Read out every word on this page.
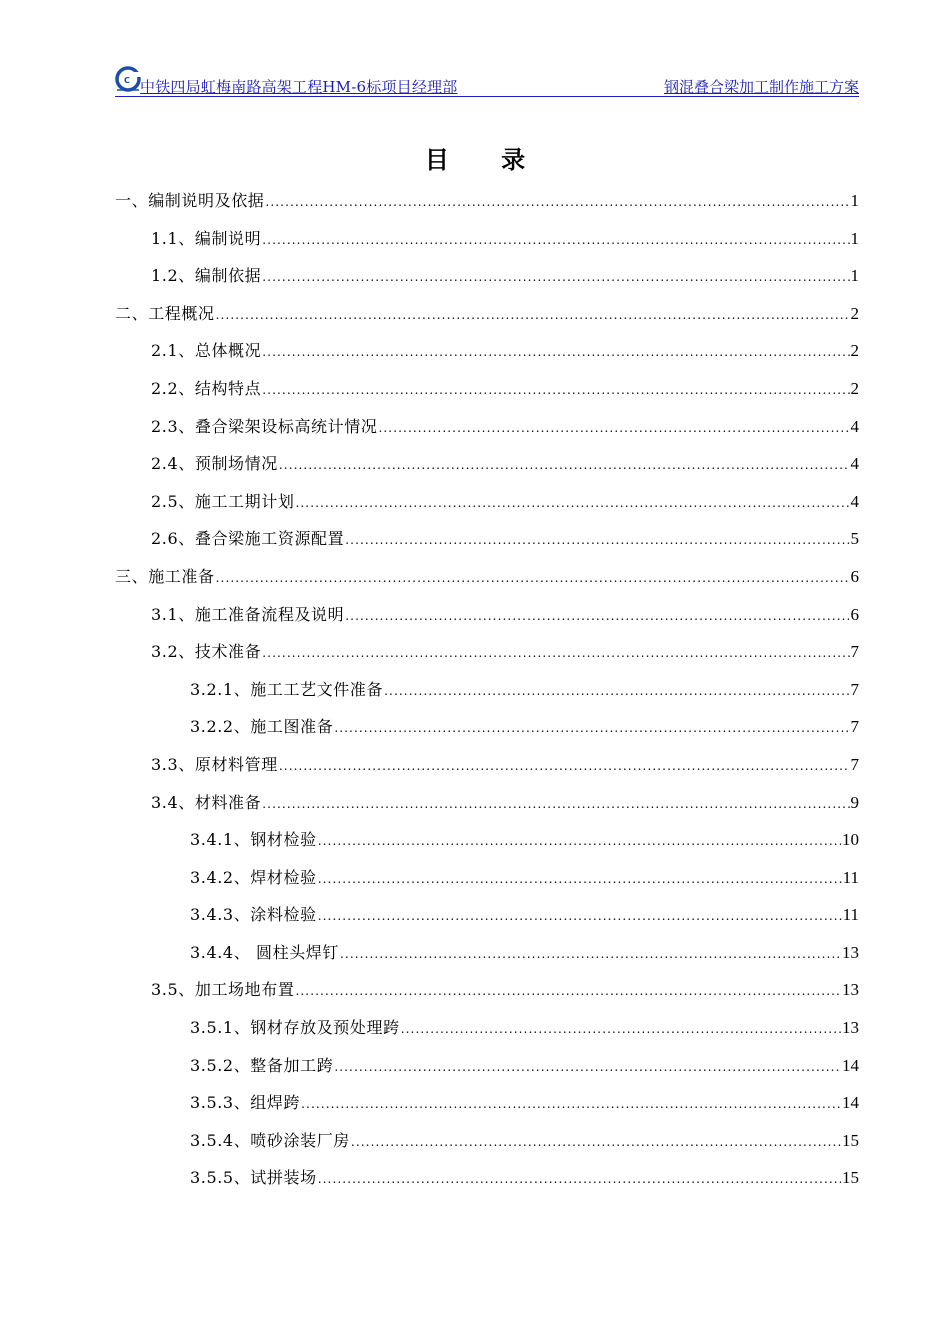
C 中铁四局虹梅南路高架工程HM-6标项目经理部	钢混叠合梁加工制作施工方案
目 录
一、编制说明及依据 .....	1
1.1、编制说明 .....	1
1.2、编制依据 .....	1
二、工程概况 .....	2
2.1、总体概况 .....	2
2.2、结构特点 .....	2
2.3、叠合梁架设标高统计情况 .....	4
2.4、预制场情况 .....	4
2.5、施工工期计划 .....	4
2.6、叠合梁施工资源配置 .....	5
三、施工准备 .....	6
3.1、施工准备流程及说明 .....	6
3.2、技术准备 .....	7
3.2.1、施工工艺文件准备 .....	7
3.2.2、施工图准备 .....	7
3.3、原材料管理 .....	7
3.4、材料准备 .....	9
3.4.1、钢材检验 .....	10
3.4.2、焊材检验 .....	11
3.4.3、涂料检验 .....	11
3.4.4、 圆柱头焊钉 .....	13
3.5、加工场地布置 .....	13
3.5.1、钢材存放及预处理跨 .....	13
3.5.2、整备加工跨 .....	14
3.5.3、组焊跨 .....	14
3.5.4、喷砂涂装厂房 .....	15
3.5.5、试拼装场 .....	15
